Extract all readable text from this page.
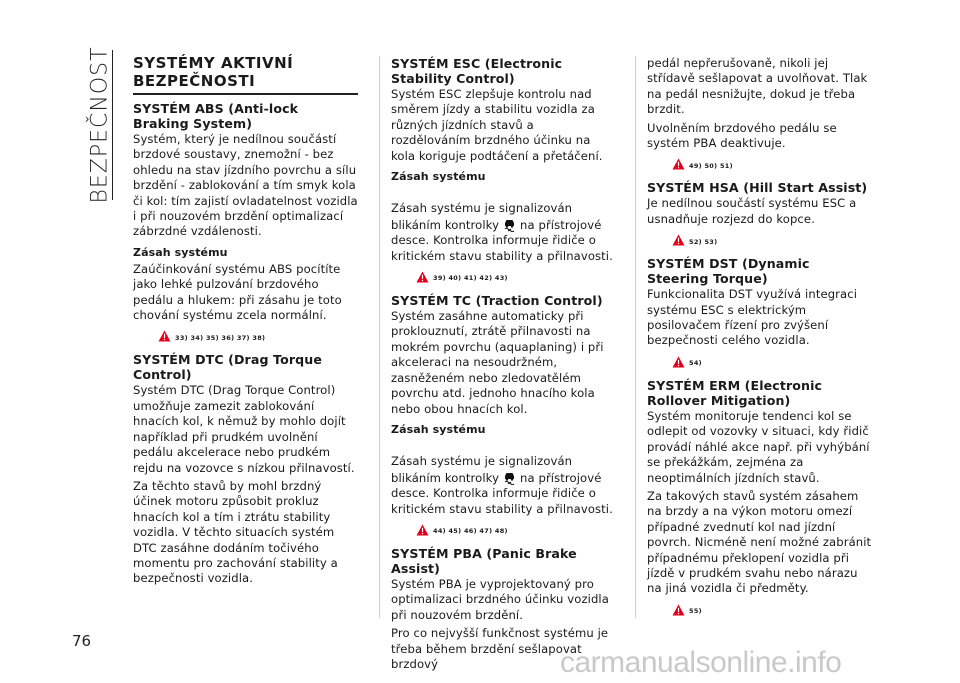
BEZPEČNOST
76
SYSTÉMY AKTIVNÍ
BEZPEČNOSTI
SYSTÉM ABS (Anti-lock Braking System)

Systém, který je nedílnou součástí brzdové soustavy, znemožní - bez ohledu na stav jízdního povrchu a sílu brzdění - zablokování a tím smyk kola či kol: tím zajistí ovladatelnost vozidla i při nouzovém brzdění optimalizací zábrzdné vzdálenosti.

Zásah systému

Zaúčinkování systému ABS pocítíte jako lehké pulzování brzdového pedálu a hlukem: při zásahu je toto chování systému zcela normální.

33) 34) 35) 36) 37) 38)
SYSTÉM DTC (Drag Torque Control)

Systém DTC (Drag Torque Control) umožňuje zamezit zablokování hnacích kol, k němuž by mohlo dojít například při prudkém uvolnění pedálu akcelerace nebo prudkém rejdu na vozovce s nízkou přilnavostí.

Za těchto stavů by mohl brzdný účinek motoru způsobit prokluz hnacích kol a tím i ztrátu stability vozidla. V těchto situacích systém DTC zasáhne dodáním točivého momentu pro zachování stability a bezpečnosti vozidla.

SYSTÉM ESC (Electronic Stability Control)

Systém ESC zlepšuje kontrolu nad směrem jízdy a stabilitu vozidla za různých jízdních stavů a rozdělováním brzdného účinku na kola koriguje podtáčení a přetáčení.

Zásah systému

Zásah systému je signalizován blikáním kontrolky na přístrojové desce. Kontrolka informuje řidiče o kritickém stavu stability a přilnavosti.

39) 40) 41) 42) 43)
SYSTÉM TC (Traction Control)

Systém zasáhne automaticky při proklouznutí, ztrátě přilnavosti na mokrém povrchu (aquaplaning) i při akceleraci na nesoudržném, zasněženém nebo zledovatělém povrchu atd. jednoho hnacího kola nebo obou hnacích kol.

Zásah systému

Zásah systému je signalizován blikáním kontrolky na přístrojové desce. Kontrolka informuje řidiče o kritickém stavu stability a přilnavosti.

44) 45) 46) 47) 48)
SYSTÉM PBA (Panic Brake Assist)

Systém PBA je vyprojektovaný pro optimalizaci brzdného účinku vozidla při nouzovém brzdění.

Pro co nejvyšší funkčnost systému je třeba během brzdění sešlapovat brzdový

pedál nepřerušovaně, nikoli jej střídavě sešlapovat a uvolňovat. Tlak na pedál nesnižujte, dokud je třeba brzdit.

Uvolněním brzdového pedálu se systém PBA deaktivuje.

49) 50) 51)
SYSTÉM HSA (Hill Start Assist)

Je nedílnou součástí systému ESC a usnadňuje rozjezd do kopce.

52) 53)
SYSTÉM DST (Dynamic Steering Torque)

Funkcionalita DST využívá integraci systému ESC s elektrickým posilovačem řízení pro zvýšení bezpečnosti celého vozidla.

54)
SYSTÉM ERM (Electronic Rollover Mitigation)

Systém monitoruje tendenci kol se odlepit od vozovky v situaci, kdy řidič provádí náhlé akce např. při vyhýbání se překážkám, zejména za neoptimálních jízdních stavů.

Za takových stavů systém zásahem na brzdy a na výkon motoru omezí případné zvednutí kol nad jízdní povrch. Nicméně není možné zabránit případnému překlopení vozidla při jízdě v prudkém svahu nebo nárazu na jiná vozidla či předměty.

55)
carmanualsonline.info
